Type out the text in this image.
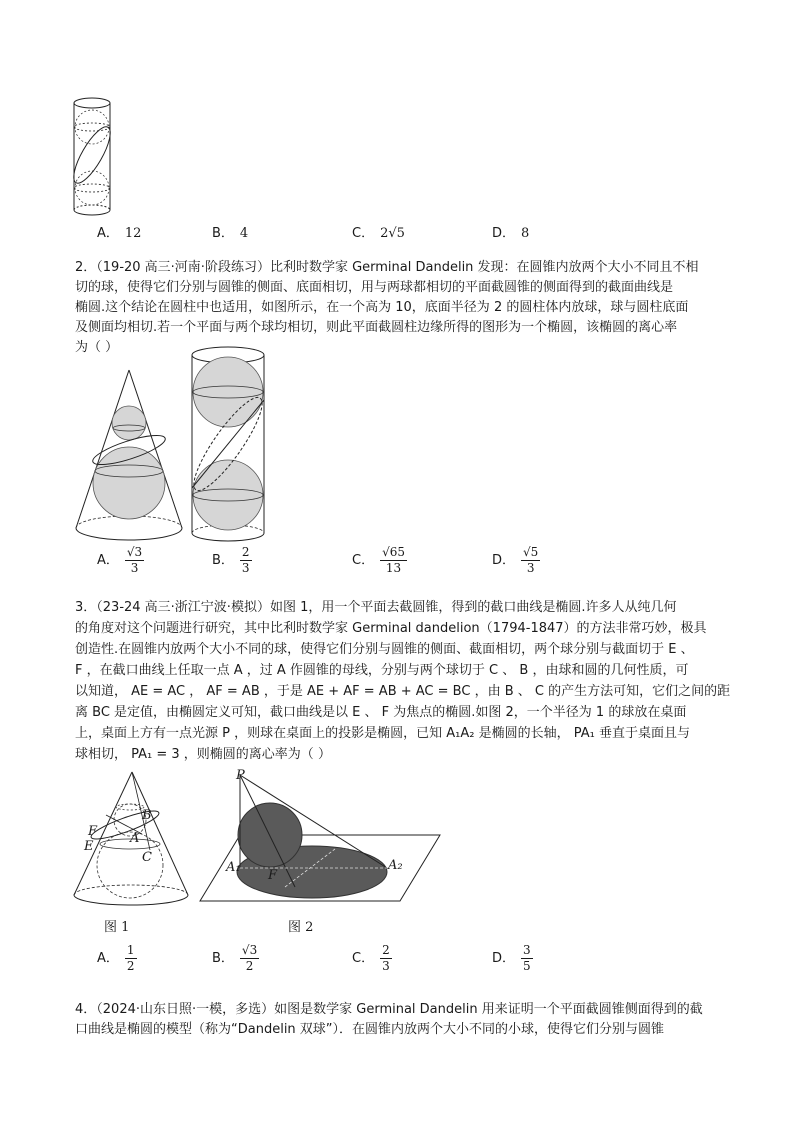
A． 12	B． 4	C． 2√5	D． 8
2．（19-20 高三·河南·阶段练习）比利时数学家 Germinal Dandelin 发现：在圆锥内放两个大小不同且不相
切的球，使得它们分别与圆锥的侧面、底面相切，用与两球都相切的平面截圆锥的侧面得到的截面曲线是
椭圆.这个结论在圆柱中也适用，如图所示，在一个高为 10，底面半径为 2 的圆柱体内放球，球与圆柱底面
及侧面均相切.若一个平面与两个球均相切，则此平面截圆柱边缘所得的图形为一个椭圆，该椭圆的离心率
为（ ）
A． $\frac{√3}{3}$	B． $\frac{2}{3}$	C． $\frac{√65}{13}$	D． $\frac{√5}{3}$
3．（23-24 高三·浙江宁波·模拟）如图 1，用一个平面去截圆锥，得到的截口曲线是椭圆.许多人从纯几何
的角度对这个问题进行研究，其中比利时数学家 Germinal dandelion（1794-1847）的方法非常巧妙，极具
创造性.在圆锥内放两个大小不同的球，使得它们分别与圆锥的侧面、截面相切，两个球分别与截面切于 E 、
F ，在截口曲线上任取一点 A ，过 A 作圆锥的母线，分别与两个球切于 C 、 B ，由球和圆的几何性质，可
以知道， AE = AC ， AF = AB ，于是 AE + AF = AB + AC = BC ，由 B 、 C 的产生方法可知，它们之间的距
离 BC 是定值，由椭圆定义可知，截口曲线是以 E 、 F 为焦点的椭圆.如图 2，一个半径为 1 的球放在桌面
上，桌面上方有一点光源 P ，则球在桌面上的投影是椭圆，已知 A₁A₂ 是椭圆的长轴， PA₁ 垂直于桌面且与
球相切， PA₁ = 3 ，则椭圆的离心率为（ ）
F
E
B
A
C
图 1
P
A₁	A₂
F
图 2
A． $\frac{1}{2}$	B． $\frac{√3}{2}$	C． $\frac{2}{3}$	D． $\frac{3}{5}$
4．（2024·山东日照·一模，多选）如图是数学家 Germinal Dandelin 用来证明一个平面截圆锥侧面得到的截
口曲线是椭圆的模型（称为“Dandelin 双球”）．在圆锥内放两个大小不同的小球，使得它们分别与圆锥
